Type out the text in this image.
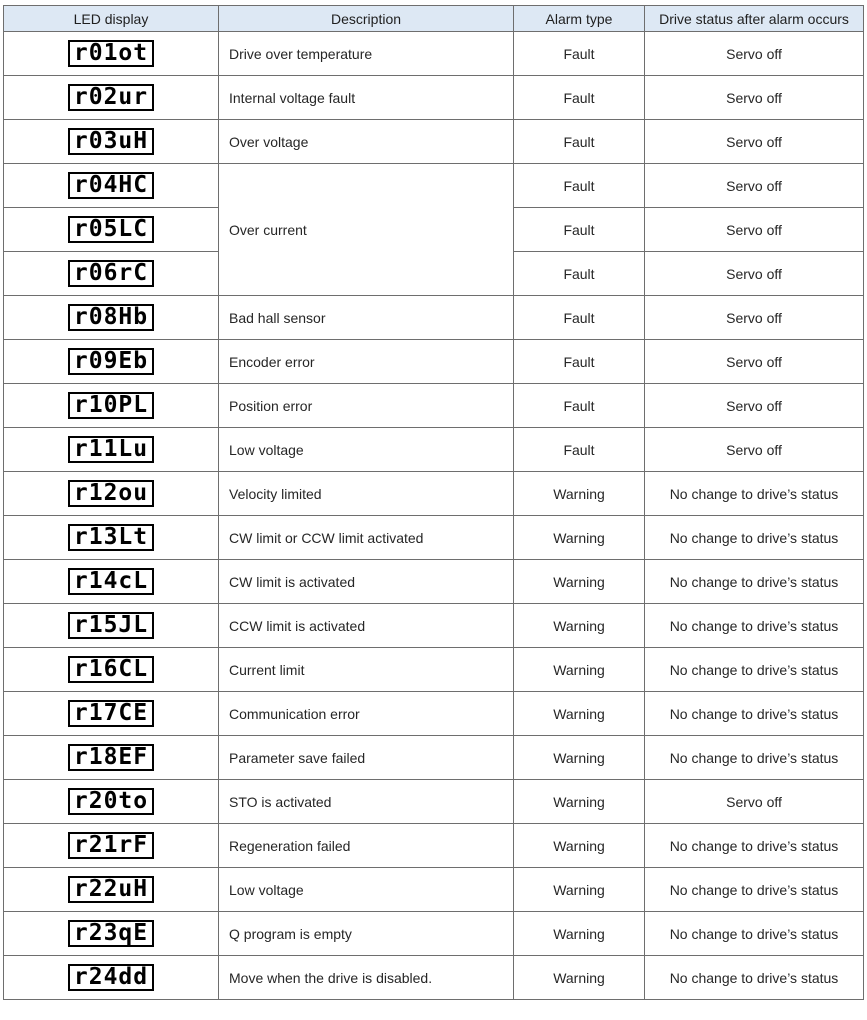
LED display	Description	Alarm type	Drive status after alarm occurs
r01ot	Drive over temperature	Fault	Servo off
r02ur	Internal voltage fault	Fault	Servo off
r03uH	Over voltage	Fault	Servo off
r04HC	Over current	Fault	Servo off
r05LC		Fault	Servo off
r06rC		Fault	Servo off
r08Hb	Bad hall sensor	Fault	Servo off
r09Eb	Encoder error	Fault	Servo off
r10PL	Position error	Fault	Servo off
r11Lu	Low voltage	Fault	Servo off
r12ou	Velocity limited	Warning	No change to drive’s status
r13Lt	CW limit or CCW limit activated	Warning	No change to drive’s status
r14cL	CW limit is activated	Warning	No change to drive’s status
r15JL	CCW limit is activated	Warning	No change to drive’s status
r16CL	Current limit	Warning	No change to drive’s status
r17CE	Communication error	Warning	No change to drive’s status
r18EF	Parameter save failed	Warning	No change to drive’s status
r20to	STO is activated	Warning	Servo off
r21rF	Regeneration failed	Warning	No change to drive’s status
r22uH	Low voltage	Warning	No change to drive’s status
r23qE	Q program is empty	Warning	No change to drive’s status
r24dd	Move when the drive is disabled.	Warning	No change to drive’s status
